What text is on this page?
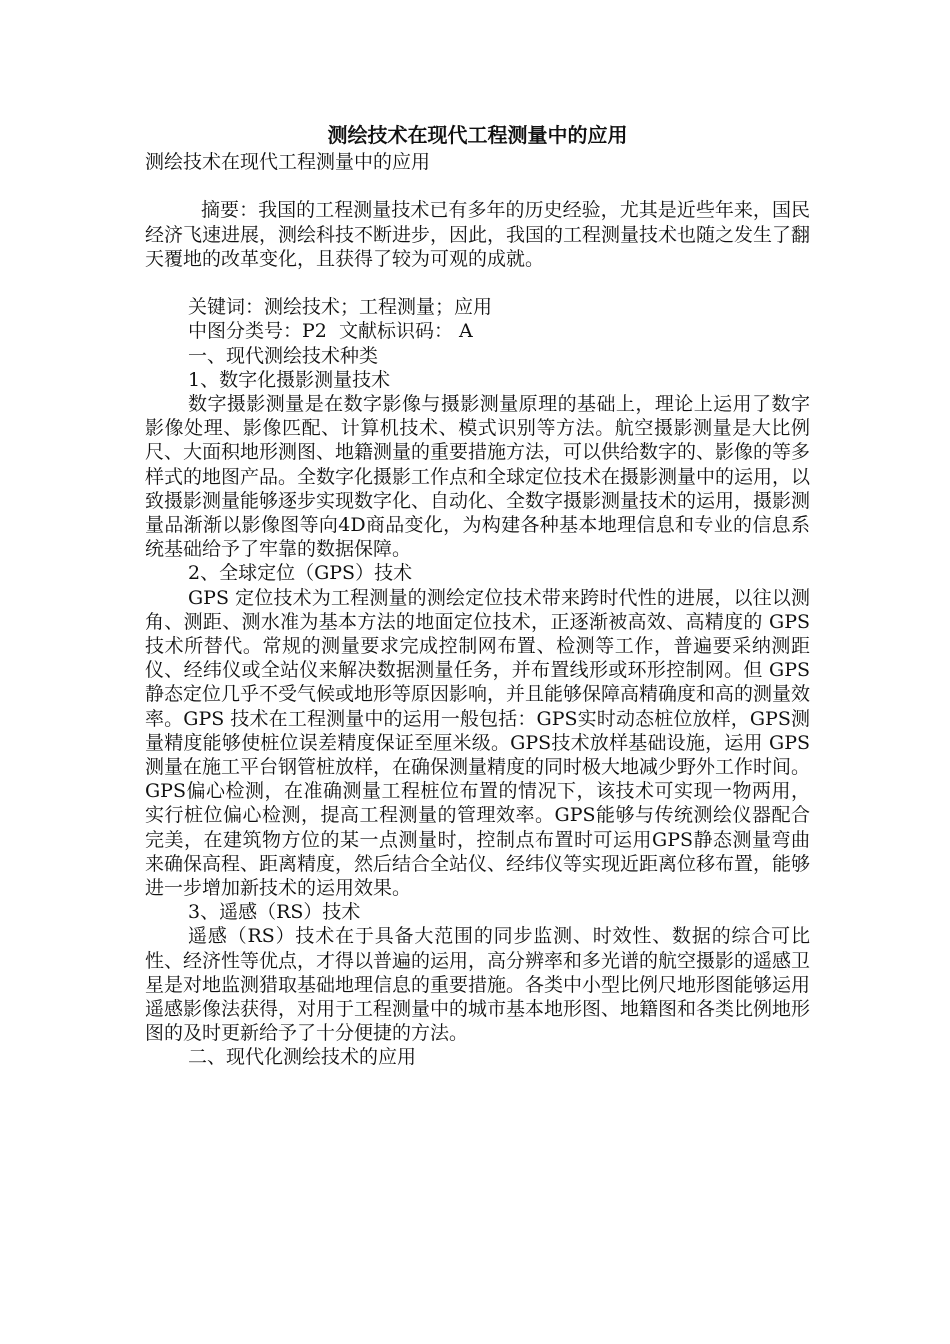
测绘技术在现代工程测量中的应用

测绘技术在现代工程测量中的应用

摘要：我国的工程测量技术已有多年的历史经验，尤其是近些年来，国民经济飞速进展，测绘科技不断进步，因此，我国的工程测量技术也随之发生了翻天覆地的改革变化，且获得了较为可观的成就。

关键词：测绘技术；工程测量；应用

中图分类号：P2  文献标识码： A

一、现代测绘技术种类

1、数字化摄影测量技术

数字摄影测量是在数字影像与摄影测量原理的基础上，理论上运用了数字影像处理、影像匹配、计算机技术、模式识别等方法。航空摄影测量是大比例尺、大面积地形测图、地籍测量的重要措施方法，可以供给数字的、影像的等多样式的地图产品。全数字化摄影工作点和全球定位技术在摄影测量中的运用，以致摄影测量能够逐步实现数字化、自动化、全数字摄影测量技术的运用，摄影测量品渐渐以影像图等向4D商品变化，为构建各种基本地理信息和专业的信息系统基础给予了牢靠的数据保障。

2、全球定位（GPS）技术

GPS 定位技术为工程测量的测绘定位技术带来跨时代性的进展，以往以测角、测距、测水准为基本方法的地面定位技术，正逐渐被高效、高精度的 GPS技术所替代。常规的测量要求完成控制网布置、检测等工作，普遍要采纳测距仪、经纬仪或全站仪来解决数据测量任务，并布置线形或环形控制网。但 GPS静态定位几乎不受气候或地形等原因影响，并且能够保障高精确度和高的测量效率。GPS 技术在工程测量中的运用一般包括：GPS实时动态桩位放样，GPS测量精度能够使桩位误差精度保证至厘米级。GPS技术放样基础设施，运用 GPS测量在施工平台钢管桩放样，在确保测量精度的同时极大地减少野外工作时间。GPS偏心检测，在准确测量工程桩位布置的情况下，该技术可实现一物两用，实行桩位偏心检测，提高工程测量的管理效率。GPS能够与传统测绘仪器配合完美，在建筑物方位的某一点测量时，控制点布置时可运用GPS静态测量弯曲来确保高程、距离精度，然后结合全站仪、经纬仪等实现近距离位移布置，能够进一步增加新技术的运用效果。

3、遥感（RS）技术

遥感（RS）技术在于具备大范围的同步监测、时效性、数据的综合可比性、经济性等优点，才得以普遍的运用，高分辨率和多光谱的航空摄影的遥感卫星是对地监测猎取基础地理信息的重要措施。各类中小型比例尺地形图能够运用遥感影像法获得，对用于工程测量中的城市基本地形图、地籍图和各类比例地形图的及时更新给予了十分便捷的方法。

二、现代化测绘技术的应用
